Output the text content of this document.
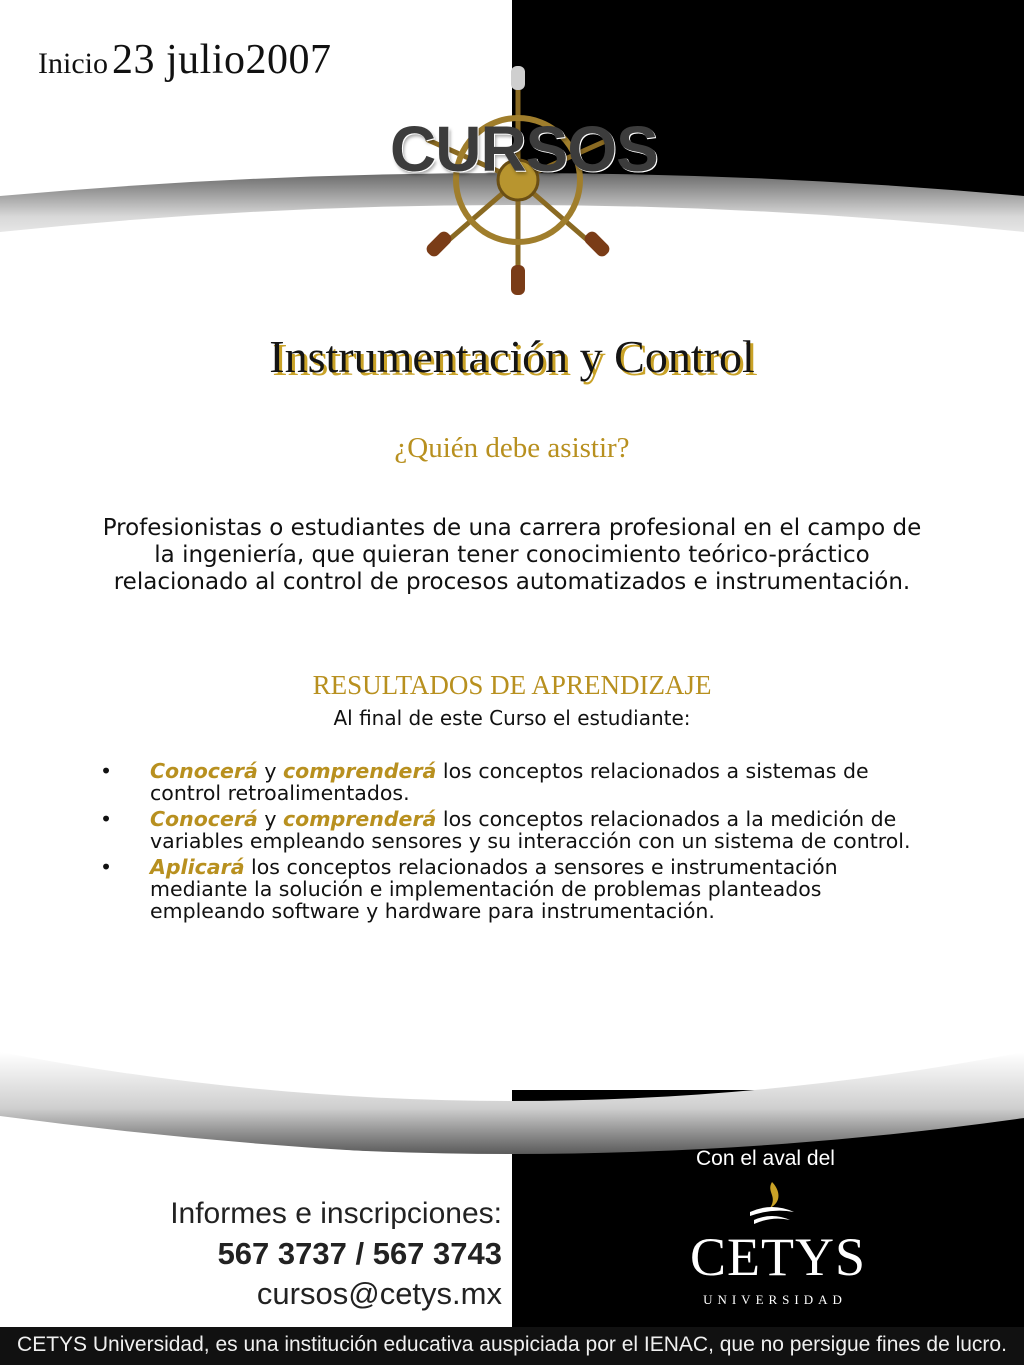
Inicio 23 julio2007
CURSOS
Instrumentación y Control
¿Quién debe asistir?
Profesionistas o estudiantes de una carrera profesional en el campo de la ingeniería, que quieran tener conocimiento teórico-práctico relacionado al control de procesos automatizados e instrumentación.
RESULTADOS DE APRENDIZAJE
Al final de este Curso el estudiante:
• Conocerá y comprenderá los conceptos relacionados a sistemas de control retroalimentados.
• Conocerá y comprenderá los conceptos relacionados a la medición de variables empleando sensores y su interacción con un sistema de control.
• Aplicará los conceptos relacionados a sensores e instrumentación mediante la solución e implementación de problemas planteados empleando software y hardware para instrumentación.
Informes e inscripciones:
567 3737 / 567 3743
cursos@cetys.mx
Con el aval del
CETYS
UNIVERSIDAD
CETYS Universidad, es una institución educativa auspiciada por el IENAC, que no persigue fines de lucro.
